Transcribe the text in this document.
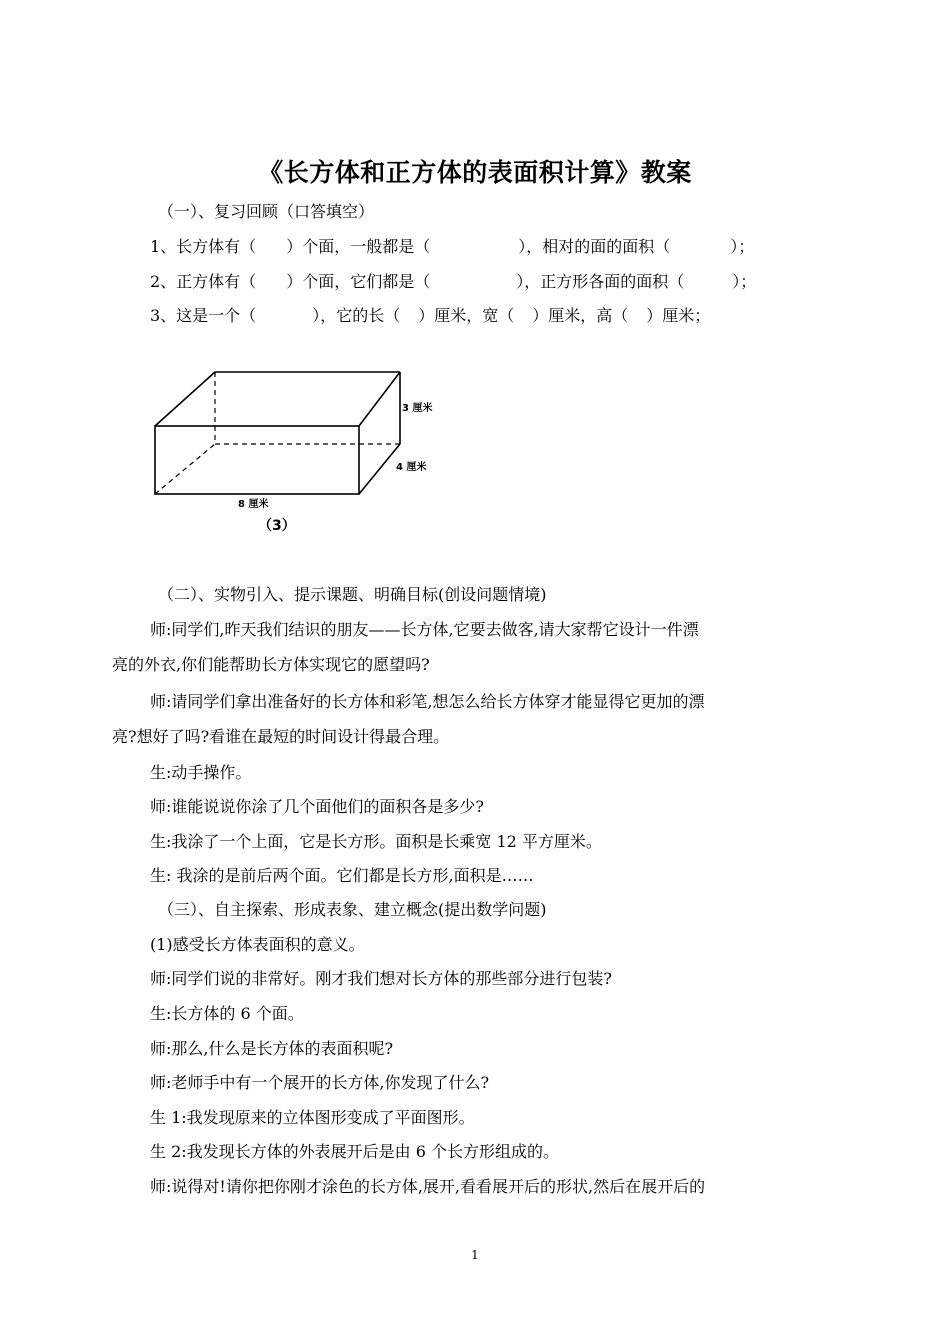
《长方体和正方体的表面积计算》教案
（一）、复习回顾（口答填空）
1、长方体有（ ）个面，一般都是（	），相对的面的面积（	）；
2、正方体有（ ）个面，它们都是（	），正方形各面的面积（	）；
3、这是一个（	），它的长（ ）厘米，宽（ ）厘米，高（ ）厘米；
3 厘米
4 厘米
8 厘米
（3）
（二）、实物引入、提示课题、明确目标(创设问题情境)
师:同学们,昨天我们结识的朋友——长方体,它要去做客,请大家帮它设计一件漂
亮的外衣,你们能帮助长方体实现它的愿望吗?
师:请同学们拿出准备好的长方体和彩笔,想怎么给长方体穿才能显得它更加的漂
亮?想好了吗?看谁在最短的时间设计得最合理。
生:动手操作。
师:谁能说说你涂了几个面他们的面积各是多少?
生:我涂了一个上面，它是长方形。面积是长乘宽 12 平方厘米。
生: 我涂的是前后两个面。它们都是长方形,面积是……
（三）、自主探索、形成表象、建立概念(提出数学问题)
(1)感受长方体表面积的意义。
师:同学们说的非常好。刚才我们想对长方体的那些部分进行包装?
生:长方体的 6 个面。
师:那么,什么是长方体的表面积呢?
师:老师手中有一个展开的长方体,你发现了什么?
生 1:我发现原来的立体图形变成了平面图形。
生 2:我发现长方体的外表展开后是由 6 个长方形组成的。
师:说得对!请你把你刚才涂色的长方体,展开,看看展开后的形状,然后在展开后的
1
